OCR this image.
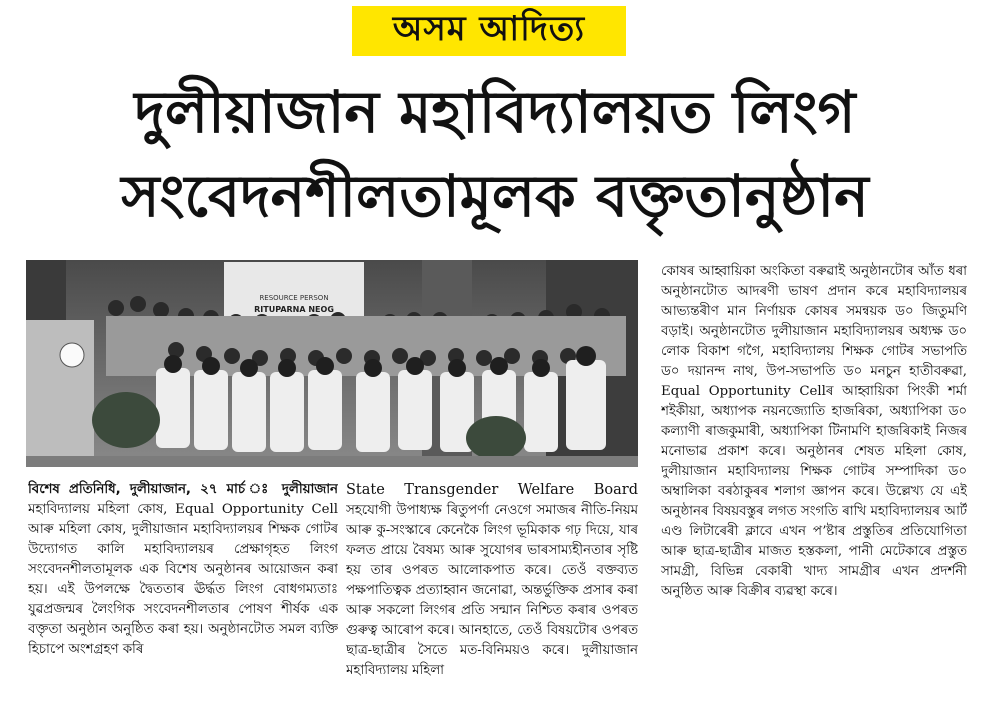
অসম আদিত্য
দুলীয়াজান মহাবিদ্যালয়ত লিংগ
সংবেদনশীলতামূলক বক্তৃতানুষ্ঠান
RESOURCE PERSON
RITUPARNA NEOG
বিশেষ প্ৰতিনিধি, দুলীয়াজান, ২৭ মাৰ্চ ঃ দুলীয়াজান মহাবিদ্যালয় মহিলা কোষ, Equal Opportunity Cell আৰু মহিলা কোষ, দুলীয়াজান মহাবিদ্যালয়ৰ শিক্ষক গোটৰ উদ্যোগত কালি মহাবিদ্যালয়ৰ প্ৰেক্ষাগৃহত লিংগ সংবেদনশীলতামূলক এক বিশেষ অনুষ্ঠানৰ আয়োজন কৰা হয়। এই উপলক্ষে দ্বৈততাৰ ঊৰ্দ্ধত লিংগ বোধগম্যতাঃ যুৱপ্ৰজন্মৰ লৈংগিক সংবেদনশীলতাৰ পোষণ শীৰ্ষক এক বক্তৃতা অনুষ্ঠান অনুষ্ঠিত কৰা হয়। অনুষ্ঠানটোত সমল ব্যক্তি হিচাপে অংশগ্ৰহণ কৰি
State Transgender Welfare Board সহযোগী উপাধ্যক্ষ ৰিতুপৰ্ণা নেওগে সমাজৰ নীতি-নিয়ম আৰু কু-সংস্কাৰে কেনেকৈ লিংগ ভূমিকাক গঢ় দিয়ে, যাৰ ফলত প্ৰায়ে বৈষম্য আৰু সুযোগৰ ভাৰসাম্যহীনতাৰ সৃষ্টি হয় তাৰ ওপৰত আলোকপাত কৰে। তেওঁ বক্তব্যত পক্ষপাতিত্বক প্ৰত্যাহ্বান জনোৱা, অন্তৰ্ভুক্তিক প্ৰসাৰ কৰা আৰু সকলো লিংগৰ প্ৰতি সন্মান নিশ্চিত কৰাৰ ওপৰত গুৰুত্ব আৰোপ কৰে। আনহাতে, তেওঁ বিষয়টোৰ ওপৰত ছাত্ৰ-ছাত্ৰীৰ সৈতে মত-বিনিময়ও কৰে। দুলীয়াজান মহাবিদ্যালয় মহিলা
কোষৰ আহ্বায়িকা অংকিতা বৰুৱাই অনুষ্ঠানটোৰ আঁত ধৰা অনুষ্ঠানটোত আদৰণী ভাষণ প্ৰদান কৰে মহাবিদ্যালয়ৰ আভ্যন্তৰীণ মান নিৰ্ণায়ক কোষৰ সমন্বয়ক ড০ জিতুমণি বড়াই। অনুষ্ঠানটোত দুলীয়াজান মহাবিদ্যালয়ৰ অধ্যক্ষ ড০ লোক বিকাশ গগৈ, মহাবিদ্যালয় শিক্ষক গোটৰ সভাপতি ড০ দয়ানন্দ নাথ, উপ-সভাপতি ড০ মনচুন হাতীবৰুৱা, Equal Opportunity Cellৰ আহ্বায়িকা পিংকী শৰ্মা শইকীয়া, অধ্যাপক নয়নজ্যোতি হাজৰিকা, অধ্যাপিকা ড০ কল্যাণী ৰাজকুমাৰী, অধ্যাপিকা টিনামণি হাজৰিকাই নিজৰ মনোভাৱ প্ৰকাশ কৰে। অনুষ্ঠানৰ শেষত মহিলা কোষ, দুলীয়াজান মহাবিদ্যালয় শিক্ষক গোটৰ সম্পাদিকা ড০ অম্বালিকা বৰঠাকুৰৰ শলাগ জ্ঞাপন কৰে। উল্লেখ্য যে এই অনুষ্ঠানৰ বিষয়বস্তুৰ লগত সংগতি ৰাখি মহাবিদ্যালয়ৰ আৰ্ট এণ্ড লিটাৰেৰী ক্লাবে এখন পʼষ্টাৰ প্ৰস্তুতিৰ প্ৰতিযোগিতা আৰু ছাত্ৰ-ছাত্ৰীৰ মাজত হস্তকলা, পানী মেটেকাৰে প্ৰস্তুত সামগ্ৰী, বিভিন্ন বেকাৰী খাদ্য সামগ্ৰীৰ এখন প্ৰদৰ্শনী অনুষ্ঠিত আৰু বিক্ৰীৰ ব্যৱস্থা কৰে।
